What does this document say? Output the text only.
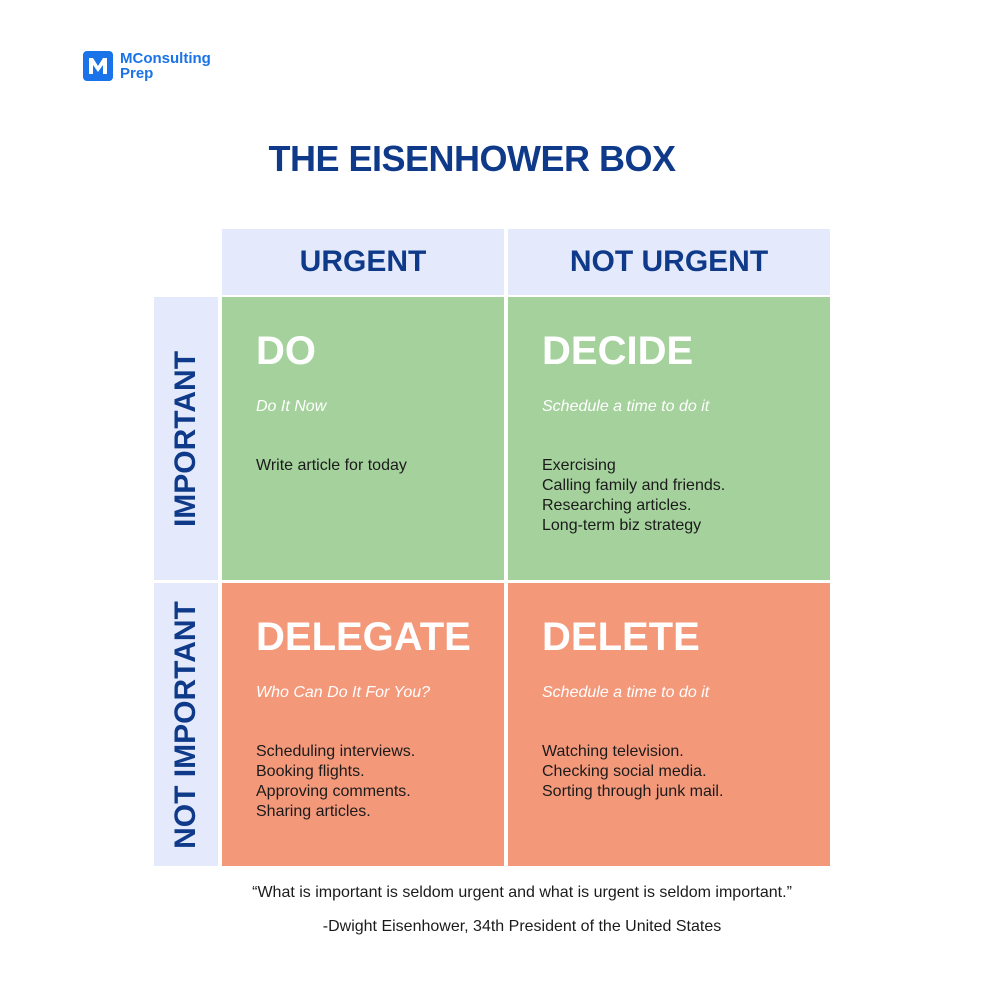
MConsulting
Prep
THE EISENHOWER BOX
URGENT	NOT URGENT
IMPORTANT
NOT IMPORTANT
DO
Do It Now
Write article for today
DECIDE
Schedule a time to do it
Exercising
Calling family and friends.
Researching articles.
Long-term biz strategy
DELEGATE
Who Can Do It For You?
Scheduling interviews.
Booking flights.
Approving comments.
Sharing articles.
DELETE
Schedule a time to do it
Watching television.
Checking social media.
Sorting through junk mail.
“What is important is seldom urgent and what is urgent is seldom important.”
-Dwight Eisenhower, 34th President of the United States
